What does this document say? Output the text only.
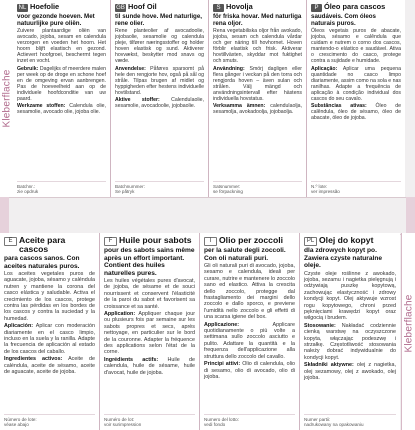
Kleberflache
NL Hoefolie
voor gezonde hoeven. Met natuurlijke pure oliën.
Zuivere plantaardige oliën van avocado, jojoba, sesam en calendula verzorgen en voeden het hoorn. Het hoorn blijft elastisch en gezond. Actievert hoofgroei, beschermt tegen inzet en vocht.
Gebruik: Dagelijks of meerdere malen per week op de droge en schone hoef en de omgeving ervan aanbrengen. Pas de hoeveelheid aan op de individuele hoofdconditie van uw paard.
Werkzame stoffen: Calendula olie, sesamolie, avocado olie, jojoba olie.
Batchnr.:
zie opdruk
GB Hoof Oil
til sunde hove. Med naturlige, rene olier.
Rene planteolier af avocadoolie, jojobaolie, sesamolie og calendula pleje, tilfører næringsstoffer og holder hoven elastisk og sund. Aktiverer hovvækst, beskytter mod snavs og væde.
Anvendelse: Påføres sparsomt på hele den rengjorte hov, også på sål og stråle. Tilpas brugen af midlet og hyppigheden efter hestens individuelle hovtilstand.
Aktive stoffer: Calendulaolie, sesamolie, avocadoolie, jojobaolie.
Batchnummer:
Se påtryk
S Hovolja
för friska hovar. Med naturliga rena oljor.
Rena vegetabiliska oljor från avokado, jojoba, sesam och calendula vårdar och ger näring till hovhornet. Hoven förblir elastisk och frisk. Aktiverar hovtillväxten, skyddar mot fuktighet och smuts.
Användning: Smörj dagligen eller flera gånger i veckan på den torra och rengjorda hoven – även sulan och strålen. Välj mängd och användningsintervall efter hästens individuella hovstatus.
Verksamma ämnen: calendulaolja, sesamolja, avokadoolja, jojobaolja.
Satsnummer:
se förpackning
P Óleo para cascos
saudáveis. Com óleos naturais puros.
Óleos vegetais puros de abacate, jojoba, sésamo e calêndula que cuidam e nutrem o corno dos cascos, mantendo-o elástico e saudável. Ativa o crescimento do casco, protege contra a sujidade e humidade.
Aplicação: Aplicar uma pequena quantidade no casco limpo diariamente, assim como na sola e nas ranilhas. Adapte a frequência de aplicação à condição individual dos cascos do seu cavalo.
Substâncias ativas: Óleo de calêndula, óleo de sésamo, óleo de abacate, óleo de jojoba.
N.º lote:
ver impressão
E Aceite para cascos
para cascos sanos. Con aceites naturales puros.
Los aceites vegetales puros de aguacate, jojoba, sésamo y caléndula nutren y mantiene la corona del casco elástica y saludable. Activa el crecimiento de los cascos, protege contra las pérdidas en los bordes de los cascos y contra la suciedad y la humedad.
Aplicación: Aplicar con moderación diariamente en el casco limpio, incluso en la suela y la ranilla. Adapte la frecuencia de aplicación al estado de los cascos del caballo.
Ingredientes activos: Aceite de caléndula, aceite de sésamo, aceite de aguacate, aceite de jojoba.
Número de lote:
véase abajo
F Huile pour sabots
pour des sabots sains même après un effort important. Contient des huiles naturelles pures.
Les huiles végétales pures d'avocat, de jojoba, de sésame et de souci nourrissent et conservent l'élasticité de la paroi du sabot et favorisent sa croissance et sa santé.
Application: Appliquer chaque jour ou plusieurs fois par semaine sur les sabots propres et secs, après nettoyage, en particulier sur le bord de la couronne. Adapter la fréquence des applications selon l'état de la corne.
Ingrédients actifs: Huile de calendula, huile de sésame, huile d'avocat, huile de jojoba.
Numéro de lot:
voir surimpression
I Olio per zoccoli
per la salute degli zoccoli. Con oli naturali puri.
Gli oli naturali puri di avocado, jojoba, sesamo e calendula, ideali per curare, nutrire e mantenere lo zoccolo sano ed elastico. Attiva la crescita dello zoccolo, protegge dal frastagliamento dei margini dello zoccolo e dallo sporco, e previene l'umidità nello zoccolo e gli effetti di una scarsa igiene del box.
Applicazione:	Applicare quotidianamente o più volte a settimana sullo zoccolo asciutto e pulito. Adattare la quantità e la frequenza dell'applicazione alla struttura dello zoccolo del cavallo.
Principi attivi: Olio di calendula, olio di sesamo, olio di avocado, olio di jojoba.
Numero del lotto:
vedi fondo
PL Olej do kopyt
dla zdrowych kopyt po. Zawiera czyste naturalne oleje.
Czyste oleje roślinne z awokado, jojoba, sezamu i nagietka pielęgnują i odżywiają puszkę kopytową, zachowując elastyczność i zdrowy kondycji kopyt. Olej aktywuje wzrost rogu kopytowego, chroni przed pęknięciami krawędzi kopyt oraz wilgocią i brudem.
Stosowanie: Nakładać codziennie cienką warstwę na oczyszczone kopyta, włączając podeszwę i strzałkę. Częstotliwość stosowania należy dobrać indywidualnie do kondycji kopyt.
Składniki aktywne: olej z nagietka, olej sezamowy, olej z awokado, olej jojoba.
Numer partii:
nadrukowany na opakowaniu
Kleberflache
